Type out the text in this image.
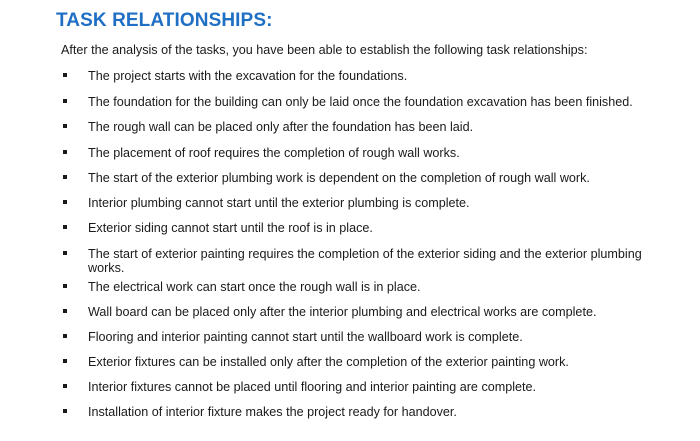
TASK RELATIONSHIPS:

After the analysis of the tasks, you have been able to establish the following task relationships:

The project starts with the excavation for the foundations.
The foundation for the building can only be laid once the foundation excavation has been finished.
The rough wall can be placed only after the foundation has been laid.
The placement of roof requires the completion of rough wall works.
The start of the exterior plumbing work is dependent on the completion of rough wall work.
Interior plumbing cannot start until the exterior plumbing is complete.
Exterior siding cannot start until the roof is in place.
The start of exterior painting requires the completion of the exterior siding and the exterior plumbing works.
The electrical work can start once the rough wall is in place.
Wall board can be placed only after the interior plumbing and electrical works are complete.
Flooring and interior painting cannot start until the wallboard work is complete.
Exterior fixtures can be installed only after the completion of the exterior painting work.
Interior fixtures cannot be placed until flooring and interior painting are complete.
Installation of interior fixture makes the project ready for handover.
